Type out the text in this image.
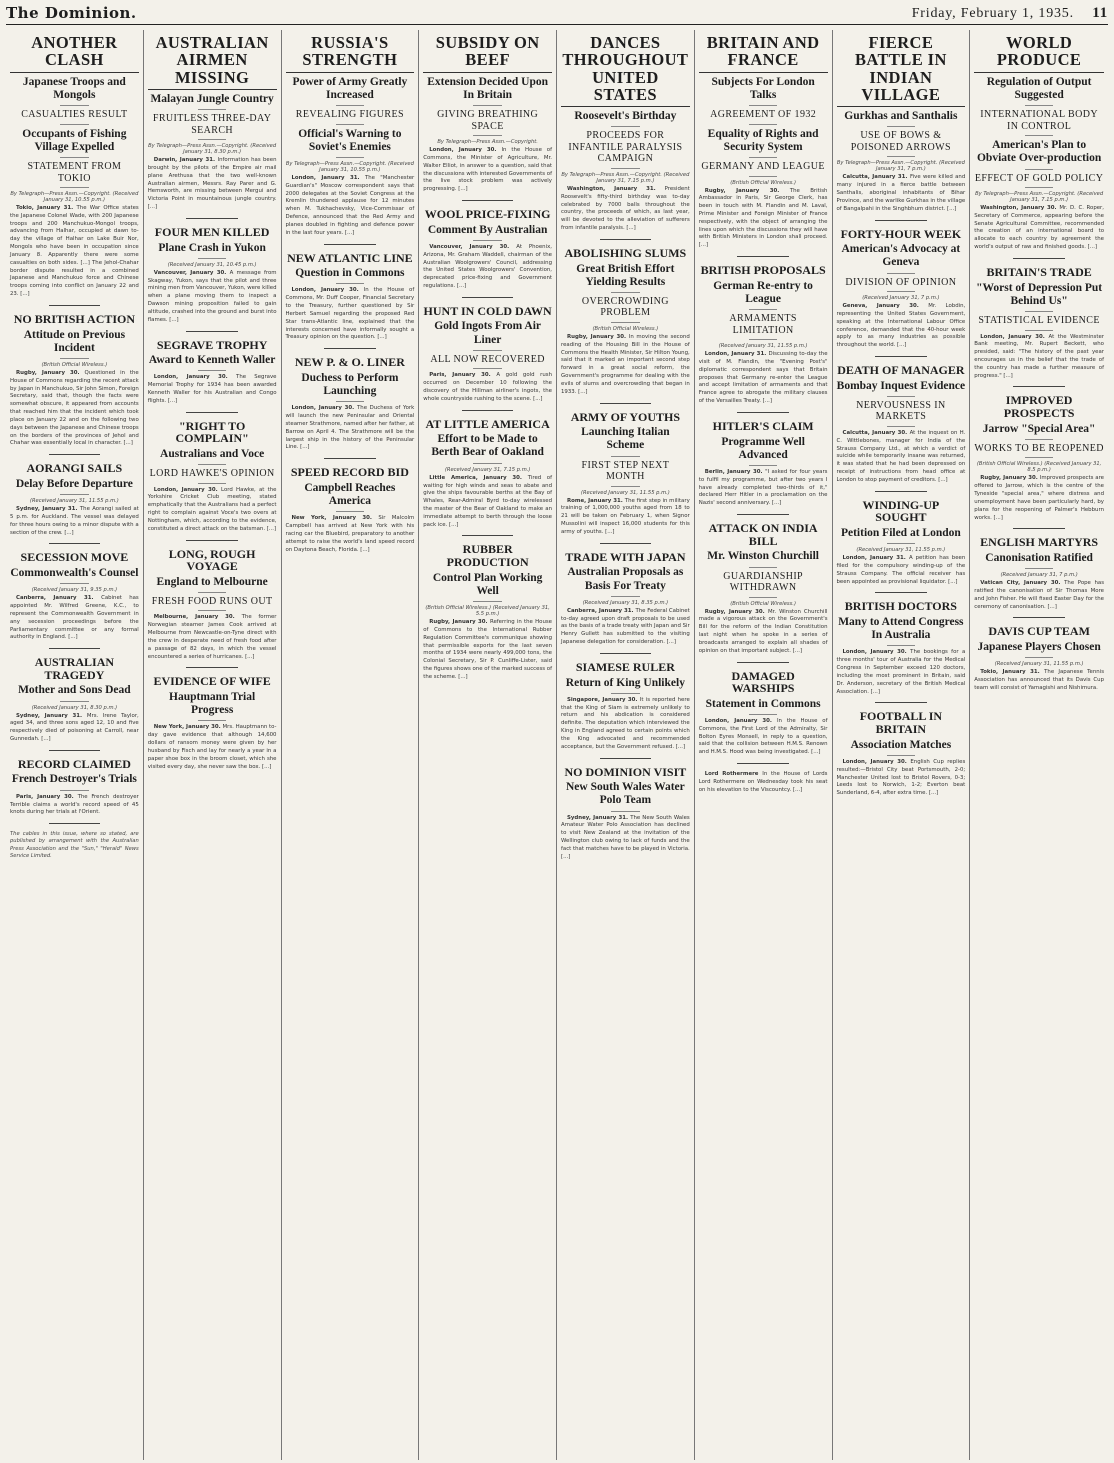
The Dominion.	Friday, February 1, 1935. 11
ANOTHER CLASH
Japanese Troops and Mongols
CASUALTIES RESULT
Occupants of Fishing Village Expelled
STATEMENT FROM TOKIO
By Telegraph—Press Assn.—Copyright. (Received January 31, 10.55 p.m.)

Tokio, January 31. The War Office states the Japanese Colonel Wade, with 200 Japanese troops and 200 Manchukuo-Mongol troops, advancing from Halhar, occupied at dawn to-day the village of Halhar on Lake Buir Nor, Mongols who have been in occupation since January 8. Apparently there were some casualties on both sides. [...] The Jehol-Chahar border dispute resulted in a combined Japanese and Manchukuo force and Chinese troops coming into conflict on January 22 and 23. [...]

NO BRITISH ACTION
Attitude on Previous Incident
(British Official Wireless.)

Rugby, January 30. Questioned in the House of Commons regarding the recent attack by Japan in Manchukuo, Sir John Simon, Foreign Secretary, said that, though the facts were somewhat obscure, it appeared from accounts that reached him that the incident which took place on January 22 and on the following two days between the Japanese and Chinese troops on the borders of the provinces of Jehol and Chahar was essentially local in character. [...]

AORANGI SAILS
Delay Before Departure
(Received January 31, 11.55 p.m.)

Sydney, January 31. The Aorangi sailed at 5 p.m. for Auckland. The vessel was delayed for three hours owing to a minor dispute with a section of the crew. [...]

SECESSION MOVE
Commonwealth's Counsel
(Received January 31, 9.35 p.m.)

Canberra, January 31. Cabinet has appointed Mr. Wilfred Greene, K.C., to represent the Commonwealth Government in any secession proceedings before the Parliamentary committee or any formal authority in England. [...]

AUSTRALIAN TRAGEDY
Mother and Sons Dead
(Received January 31, 8.30 p.m.)

Sydney, January 31. Mrs. Irene Taylor, aged 34, and three sons aged 12, 10 and five respectively died of poisoning at Carroll, near Gunnedah. [...]

RECORD CLAIMED
French Destroyer's Trials

Paris, January 30. The French destroyer Terrible claims a world's record speed of 45 knots during her trials at l'Orient.

The cables in this issue, where so stated, are published by arrangement with the Australian Press Association and the "Sun," "Herald" News Service Limited.
AUSTRALIAN AIRMEN MISSING
Malayan Jungle Country
FRUITLESS THREE-DAY SEARCH
By Telegraph—Press Assn.—Copyright. (Received January 31, 8.30 p.m.)

Darwin, January 31. Information has been brought by the pilots of the Empire air mail plane Arethusa that the two well-known Australian airmen, Messrs. Ray Parer and G. Hemsworth, are missing between Mergui and Victoria Point in mountainous jungle country. [...]

FOUR MEN KILLED
Plane Crash in Yukon
(Received January 31, 10.45 p.m.)

Vancouver, January 30. A message from Skagway, Yukon, says that the pilot and three mining men from Vancouver, Yukon, were killed when a plane moving them to inspect a Dawson mining proposition failed to gain altitude, crashed into the ground and burst into flames. [...]

SEGRAVE TROPHY
Award to Kenneth Waller

London, January 30. The Segrave Memorial Trophy for 1934 has been awarded Kenneth Waller for his Australian and Congo flights. [...]

"RIGHT TO COMPLAIN"
Australians and Voce
LORD HAWKE'S OPINION

London, January 30. Lord Hawke, at the Yorkshire Cricket Club meeting, stated emphatically that the Australians had a perfect right to complain against Voce's two overs at Nottingham, which, according to the evidence, constituted a direct attack on the batsman. [...]

LONG, ROUGH VOYAGE
England to Melbourne
FRESH FOOD RUNS OUT

Melbourne, January 30. The former Norwegian steamer James Cook arrived at Melbourne from Newcastle-on-Tyne direct with the crew in desperate need of fresh food after a passage of 82 days, in which the vessel encountered a series of hurricanes. [...]

EVIDENCE OF WIFE
Hauptmann Trial Progress

New York, January 30. Mrs. Hauptmann to-day gave evidence that although 14,600 dollars of ransom money were given by her husband by Fisch and lay for nearly a year in a paper shoe box in the broom closet, which she visited every day, she never saw the box. [...]

RUSSIA'S STRENGTH
Power of Army Greatly Increased
REVEALING FIGURES
Official's Warning to Soviet's Enemies
By Telegraph—Press Assn.—Copyright. (Received January 31, 10.55 p.m.)

London, January 31. The "Manchester Guardian's" Moscow correspondent says that 2000 delegates at the Soviet Congress at the Kremlin thundered applause for 12 minutes when M. Tukhachevsky, Vice-Commissar of Defence, announced that the Red Army and planes doubled in fighting and defence power in the last four years. [...]

NEW ATLANTIC LINE
Question in Commons

London, January 30. In the House of Commons, Mr. Duff Cooper, Financial Secretary to the Treasury, further questioned by Sir Herbert Samuel regarding the proposed Red Star trans-Atlantic line, explained that the interests concerned have informally sought a Treasury opinion on the question. [...]

NEW P. & O. LINER
Duchess to Perform Launching

London, January 30. The Duchess of York will launch the new Peninsular and Oriental steamer Strathmore, named after her father, at Barrow on April 4. The Strathmore will be the largest ship in the history of the Peninsular Line. [...]

SPEED RECORD BID
Campbell Reaches America

New York, January 30. Sir Malcolm Campbell has arrived at New York with his racing car the Bluebird, preparatory to another attempt to raise the world's land speed record on Daytona Beach, Florida. [...]

SUBSIDY ON BEEF
Extension Decided Upon In Britain
GIVING BREATHING SPACE
By Telegraph—Press Assn.—Copyright.

London, January 30. In the House of Commons, the Minister of Agriculture, Mr. Walter Elliot, in answer to a question, said that the discussions with interested Governments of the live stock problem was actively progressing. [...]

WOOL PRICE-FIXING
Comment By Australian

Vancouver, January 30. At Phoenix, Arizona, Mr. Graham Waddell, chairman of the Australian Woolgrowers' Council, addressing the United States Woolgrowers' Convention, deprecated price-fixing and Government regulations. [...]

HUNT IN COLD DAWN
Gold Ingots From Air Liner
ALL NOW RECOVERED

Paris, January 30. A gold gold rush occurred on December 10 following the discovery of the Hillman airliner's ingots, the whole countryside rushing to the scene. [...]

AT LITTLE AMERICA
Effort to be Made to Berth Bear of Oakland
(Received January 31, 7.15 p.m.)

Little America, January 30. Tired of waiting for high winds and seas to abate and give the ships favourable berths at the Bay of Whales, Rear-Admiral Byrd to-day wirelessed the master of the Bear of Oakland to make an immediate attempt to berth through the loose pack ice. [...]

RUBBER PRODUCTION
Control Plan Working Well
(British Official Wireless.) (Received January 31, 5.5 p.m.)

Rugby, January 30. Referring in the House of Commons to the International Rubber Regulation Committee's communique showing that permissible exports for the last seven months of 1934 were nearly 499,000 tons, the Colonial Secretary, Sir P. Cunliffe-Lister, said the figures shows one of the marked success of the scheme. [...]

DANCES THROUGHOUT UNITED STATES
Roosevelt's Birthday
PROCEEDS FOR INFANTILE PARALYSIS CAMPAIGN
By Telegraph—Press Assn.—Copyright. (Received January 31, 7.15 p.m.)

Washington, January 31. President Roosevelt's fifty-third birthday was to-day celebrated by 7000 balls throughout the country, the proceeds of which, as last year, will be devoted to the alleviation of sufferers from infantile paralysis. [...]

ABOLISHING SLUMS
Great British Effort Yielding Results
OVERCROWDING PROBLEM
(British Official Wireless.)

Rugby, January 30. In moving the second reading of the Housing Bill in the House of Commons the Health Minister, Sir Hilton Young, said that it marked an important second step forward in a great social reform, the Government's programme for dealing with the evils of slums and overcrowding that began in 1933. [...]

ARMY OF YOUTHS
Launching Italian Scheme
FIRST STEP NEXT MONTH
(Received January 31, 11.55 p.m.)

Rome, January 31. The first step in military training of 1,000,000 youths aged from 18 to 21 will be taken on February 1, when Signor Mussolini will inspect 16,000 students for this army of youths. [...]

TRADE WITH JAPAN
Australian Proposals as Basis For Treaty
(Received January 31, 8.35 p.m.)

Canberra, January 31. The Federal Cabinet to-day agreed upon draft proposals to be used as the basis of a trade treaty with Japan and Sir Henry Gullett has submitted to the visiting Japanese delegation for consideration. [...]

SIAMESE RULER
Return of King Unlikely

Singapore, January 30. It is reported here that the King of Siam is extremely unlikely to return and his abdication is considered definite. The deputation which interviewed the King in England agreed to certain points which the King advocated and recommended acceptance, but the Government refused. [...]

NO DOMINION VISIT
New South Wales Water Polo Team

Sydney, January 31. The New South Wales Amateur Water Polo Association has declined to visit New Zealand at the invitation of the Wellington club owing to lack of funds and the fact that matches have to be played in Victoria. [...]

BRITAIN AND FRANCE
Subjects For London Talks
AGREEMENT OF 1932
Equality of Rights and Security System
GERMANY AND LEAGUE
(British Official Wireless.)

Rugby, January 30. The British Ambassador in Paris, Sir George Clerk, has been in touch with M. Flandin and M. Laval, Prime Minister and Foreign Minister of France respectively, with the object of arranging the lines upon which the discussions they will have with British Ministers in London shall proceed. [...]

BRITISH PROPOSALS
German Re-entry to League
ARMAMENTS LIMITATION
(Received January 31, 11.55 p.m.)

London, January 31. Discussing to-day the visit of M. Flandin, the "Evening Post's" diplomatic correspondent says that Britain proposes that Germany re-enter the League and accept limitation of armaments and that France agree to abrogate the military clauses of the Versailles Treaty. [...]

HITLER'S CLAIM
Programme Well Advanced

Berlin, January 30. "I asked for four years to fulfil my programme, but after two years I have already completed two-thirds of it," declared Herr Hitler in a proclamation on the Nazis' second anniversary. [...]

ATTACK ON INDIA BILL
Mr. Winston Churchill
GUARDIANSHIP WITHDRAWN
(British Official Wireless.)

Rugby, January 30. Mr. Winston Churchill made a vigorous attack on the Government's Bill for the reform of the Indian Constitution last night when he spoke in a series of broadcasts arranged to explain all shades of opinion on that important subject. [...]

DAMAGED WARSHIPS
Statement in Commons

London, January 30. In the House of Commons, the First Lord of the Admiralty, Sir Bolton Eyres Monsell, in reply to a question, said that the collision between H.M.S. Renown and H.M.S. Hood was being investigated. [...]

Lord Rothermere In the House of Lords Lord Rothermere on Wednesday took his seat on his elevation to the Viscountcy. [...]

FIERCE BATTLE IN INDIAN VILLAGE
Gurkhas and Santhalis
USE OF BOWS & POISONED ARROWS
By Telegraph—Press Assn.—Copyright. (Received January 31, 7 p.m.)

Calcutta, January 31. Five were killed and many injured in a fierce battle between Santhalis, aboriginal inhabitants of Bihar Province, and the warlike Gurkhas in the village of Bangalpahi in the Singhbhum district. [...]

FORTY-HOUR WEEK
American's Advocacy at Geneva
DIVISION OF OPINION
(Received January 31, 7 p.m.)

Geneva, January 30. Mr. Lobdin, representing the United States Government, speaking at the International Labour Office conference, demanded that the 40-hour week apply to as many industries as possible throughout the world. [...]

DEATH OF MANAGER
Bombay Inquest Evidence
NERVOUSNESS IN MARKETS

Calcutta, January 30. At the inquest on H. C. Wittlebones, manager for India of the Strauss Company Ltd., at which a verdict of suicide while temporarily insane was returned, it was stated that he had been depressed on receipt of instructions from head office at London to stop payment of creditors. [...]

WINDING-UP SOUGHT
Petition Filed at London
(Received January 31, 11.55 p.m.)

London, January 31. A petition has been filed for the compulsory winding-up of the Strauss Company. The official receiver has been appointed as provisional liquidator. [...]

BRITISH DOCTORS
Many to Attend Congress In Australia

London, January 30. The bookings for a three months' tour of Australia for the Medical Congress in September exceed 120 doctors, including the most prominent in Britain, said Dr. Anderson, secretary of the British Medical Association. [...]

FOOTBALL IN BRITAIN
Association Matches

London, January 30. English Cup replies resulted:—Bristol City beat Portsmouth, 2-0; Manchester United lost to Bristol Rovers, 0-3; Leeds lost to Norwich, 1-2; Everton beat Sunderland, 6-4, after extra time. [...]

WORLD PRODUCE
Regulation of Output Suggested
INTERNATIONAL BODY IN CONTROL
American's Plan to Obviate Over-production
EFFECT OF GOLD POLICY
By Telegraph—Press Assn.—Copyright. (Received January 31, 7.15 p.m.)

Washington, January 30. Mr. D. C. Roper, Secretary of Commerce, appearing before the Senate Agricultural Committee, recommended the creation of an international board to allocate to each country by agreement the world's output of raw and finished goods. [...]

BRITAIN'S TRADE
"Worst of Depression Put Behind Us"
STATISTICAL EVIDENCE

London, January 30. At the Westminster Bank meeting, Mr. Rupert Beckett, who presided, said: "The history of the past year encourages us in the belief that the trade of the country has made a further measure of progress." [...]

IMPROVED PROSPECTS
Jarrow "Special Area"
WORKS TO BE REOPENED
(British Official Wireless.) (Received January 31, 8.5 p.m.)

Rugby, January 30. Improved prospects are offered to Jarrow, which is the centre of the Tyneside "special area," where distress and unemployment have been particularly hard, by plans for the reopening of Palmer's Hebburn works. [...]

ENGLISH MARTYRS
Canonisation Ratified
(Received January 31, 7 p.m.)

Vatican City, January 30. The Pope has ratified the canonisation of Sir Thomas More and John Fisher. He will fixed Easter Day for the ceremony of canonisation. [...]

DAVIS CUP TEAM
Japanese Players Chosen
(Received January 31, 11.55 p.m.)

Tokio, January 31. The Japanese Tennis Association has announced that its Davis Cup team will consist of Yamagishi and Nishimura.
